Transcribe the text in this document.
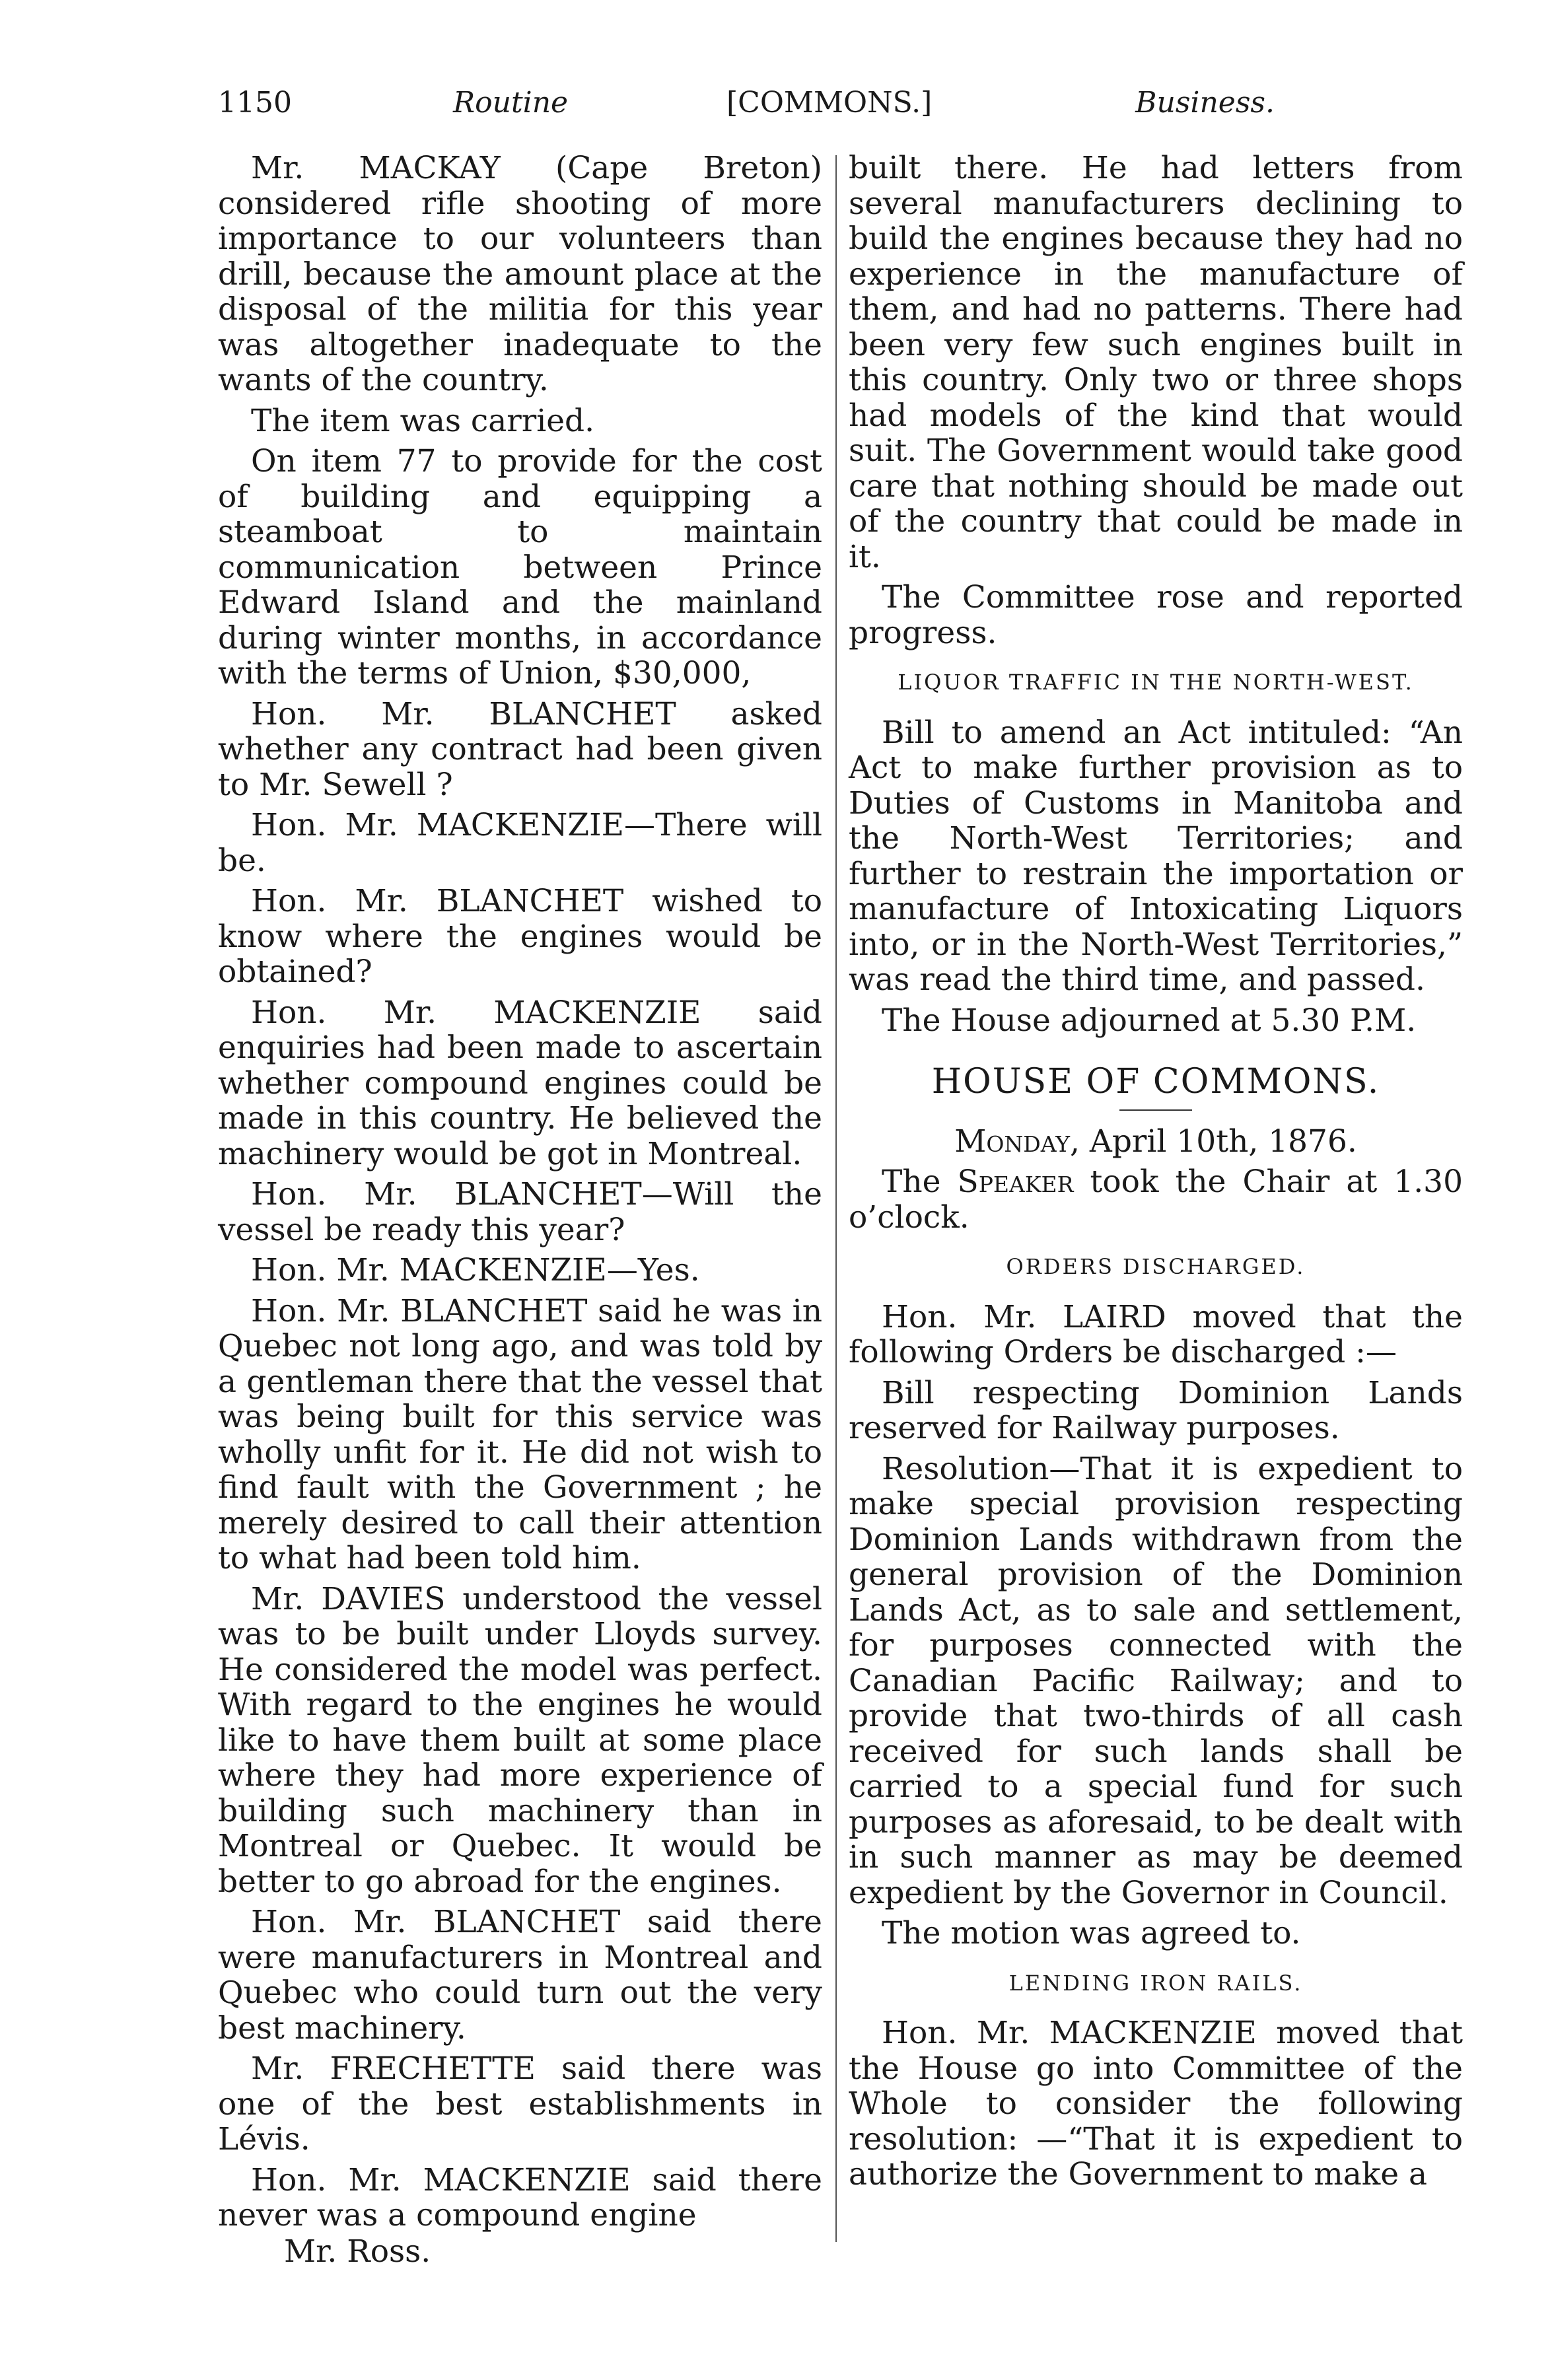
1150	Routine	[COMMONS.]	Business.

Mr. MACKAY (Cape Breton) considered rifle shooting of more importance to our volunteers than drill, because the amount place at the disposal of the militia for this year was altogether inadequate to the wants of the country.

The item was carried.

On item 77 to provide for the cost of building and equipping a steamboat to maintain communication between Prince Edward Island and the mainland during winter months, in accordance with the terms of Union, $30,000,

Hon. Mr. BLANCHET asked whether any contract had been given to Mr. Sewell ?

Hon. Mr. MACKENZIE—There will be.

Hon. Mr. BLANCHET wished to know where the engines would be obtained?

Hon. Mr. MACKENZIE said enquiries had been made to ascertain whether compound engines could be made in this country. He believed the machinery would be got in Montreal.

Hon. Mr. BLANCHET—Will the vessel be ready this year?

Hon. Mr. MACKENZIE—Yes.

Hon. Mr. BLANCHET said he was in Quebec not long ago, and was told by a gentleman there that the vessel that was being built for this service was wholly unfit for it. He did not wish to find fault with the Government ; he merely desired to call their attention to what had been told him.

Mr. DAVIES understood the vessel was to be built under Lloyds survey. He considered the model was perfect. With regard to the engines he would like to have them built at some place where they had more experience of building such machinery than in Montreal or Quebec. It would be better to go abroad for the engines.

Hon. Mr. BLANCHET said there were manufacturers in Montreal and Quebec who could turn out the very best machinery.

Mr. FRECHETTE said there was one of the best establishments in Lévis.

Hon. Mr. MACKENZIE said there never was a compound engine

built there. He had letters from several manufacturers declining to build the engines because they had no experience in the manufacture of them, and had no patterns. There had been very few such engines built in this country. Only two or three shops had models of the kind that would suit. The Government would take good care that nothing should be made out of the country that could be made in it.

The Committee rose and reported progress.

LIQUOR TRAFFIC IN THE NORTH-WEST.

Bill to amend an Act intituled: “An Act to make further provision as to Duties of Customs in Manitoba and the North-West Territories; and further to restrain the importation or manufacture of Intoxicating Liquors into, or in the North-West Territories,” was read the third time, and passed.

The House adjourned at 5.30 P.M.

HOUSE OF COMMONS.

Monday, April 10th, 1876.

The Speaker took the Chair at 1.30 o’clock.

ORDERS DISCHARGED.

Hon. Mr. LAIRD moved that the following Orders be discharged :—

Bill respecting Dominion Lands reserved for Railway purposes.

Resolution—That it is expedient to make special provision respecting Dominion Lands withdrawn from the general provision of the Dominion Lands Act, as to sale and settlement, for purposes connected with the Canadian Pacific Railway; and to provide that two-thirds of all cash received for such lands shall be carried to a special fund for such purposes as aforesaid, to be dealt with in such manner as may be deemed expedient by the Governor in Council.

The motion was agreed to.

LENDING IRON RAILS.

Hon. Mr. MACKENZIE moved that the House go into Committee of the Whole to consider the following resolution: —“That it is expedient to authorize the Government to make a

Mr. Ross.
